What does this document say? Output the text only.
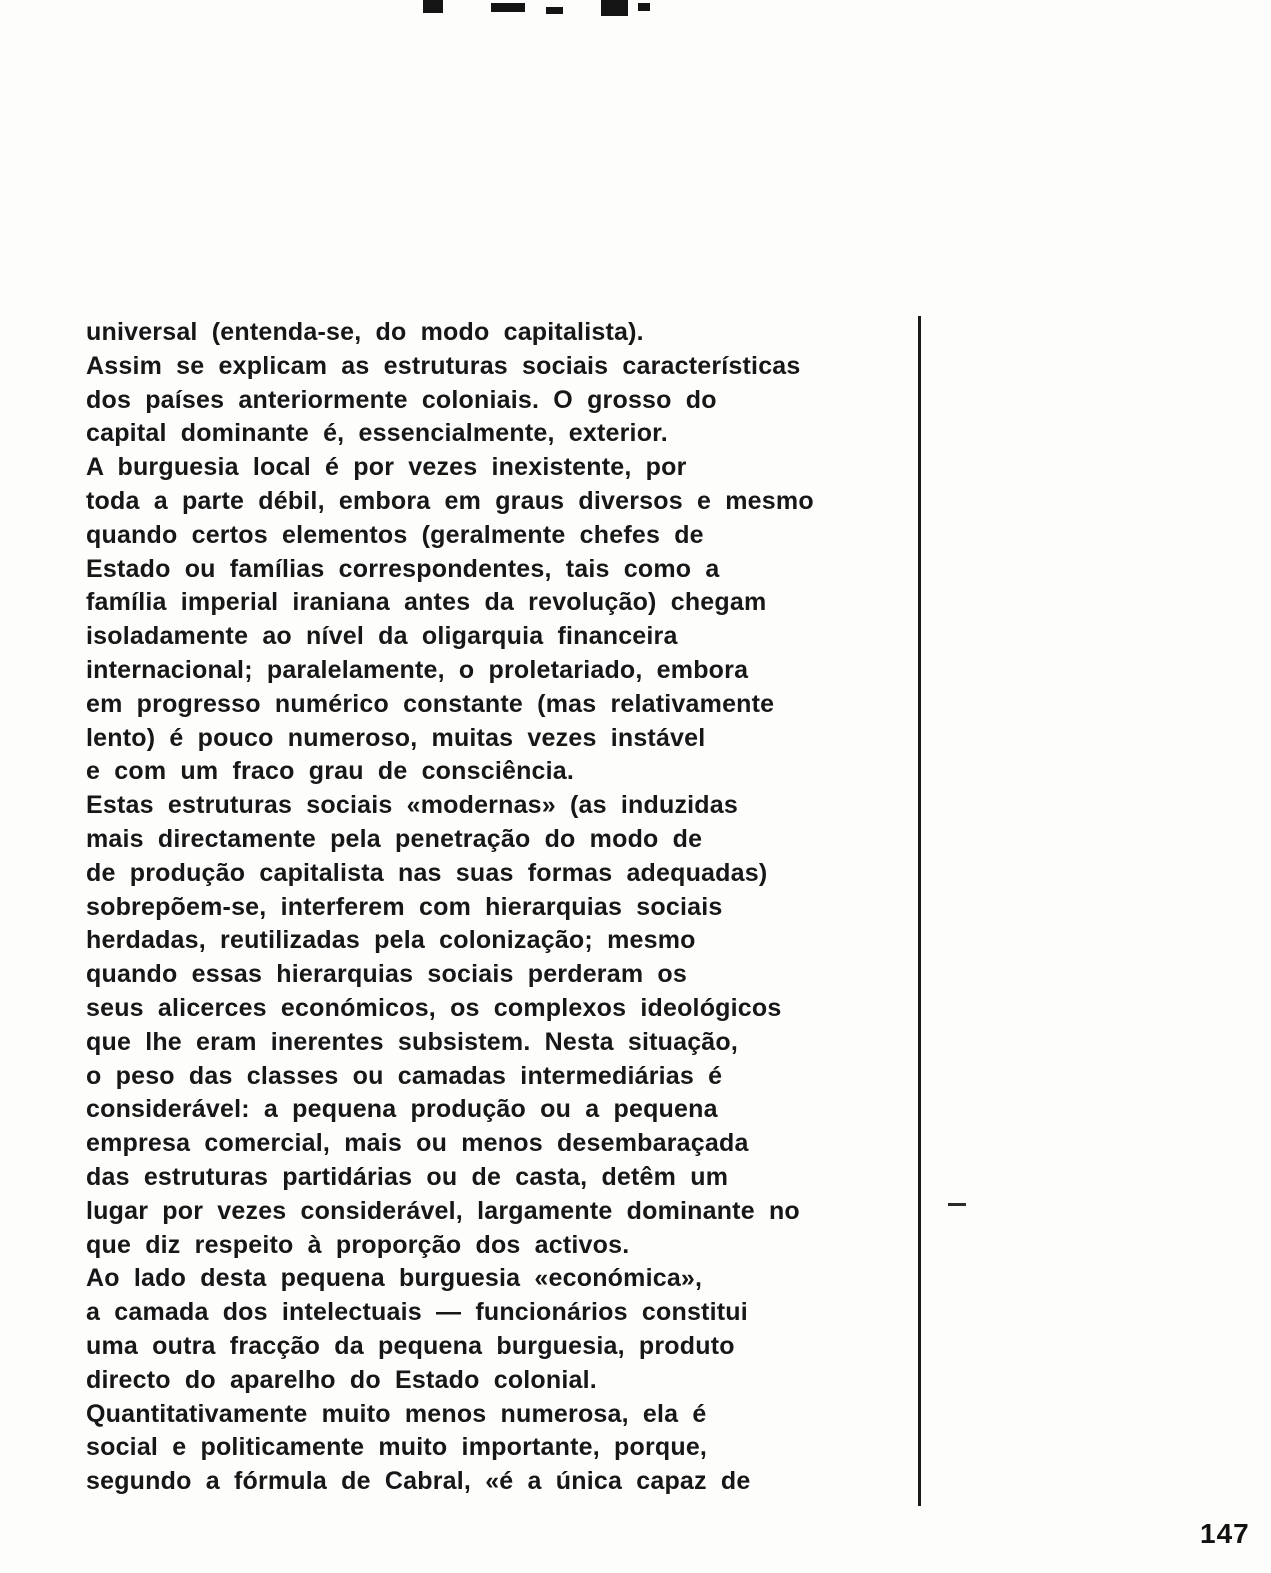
universal (entenda-se, do modo capitalista).
Assim se explicam as estruturas sociais características
dos países anteriormente coloniais. O grosso do
capital dominante é, essencialmente, exterior.
A burguesia local é por vezes inexistente, por
toda a parte débil, embora em graus diversos e mesmo
quando certos elementos (geralmente chefes de
Estado ou famílias correspondentes, tais como a
família imperial iraniana antes da revolução) chegam
isoladamente ao nível da oligarquia financeira
internacional; paralelamente, o proletariado, embora
em progresso numérico constante (mas relativamente
lento) é pouco numeroso, muitas vezes instável
e com um fraco grau de consciência.
Estas estruturas sociais «modernas» (as induzidas
mais directamente pela penetração do modo de
de produção capitalista nas suas formas adequadas)
sobrepõem-se, interferem com hierarquias sociais
herdadas, reutilizadas pela colonização; mesmo
quando essas hierarquias sociais perderam os
seus alicerces económicos, os complexos ideológicos
que lhe eram inerentes subsistem. Nesta situação,
o peso das classes ou camadas intermediárias é
considerável: a pequena produção ou a pequena
empresa comercial, mais ou menos desembaraçada
das estruturas partidárias ou de casta, detêm um
lugar por vezes considerável, largamente dominante no
que diz respeito à proporção dos activos.
Ao lado desta pequena burguesia «económica»,
a camada dos intelectuais — funcionários constitui
uma outra fracção da pequena burguesia, produto
directo do aparelho do Estado colonial.
Quantitativamente muito menos numerosa, ela é
social e politicamente muito importante, porque,
segundo a fórmula de Cabral, «é a única capaz de
147
